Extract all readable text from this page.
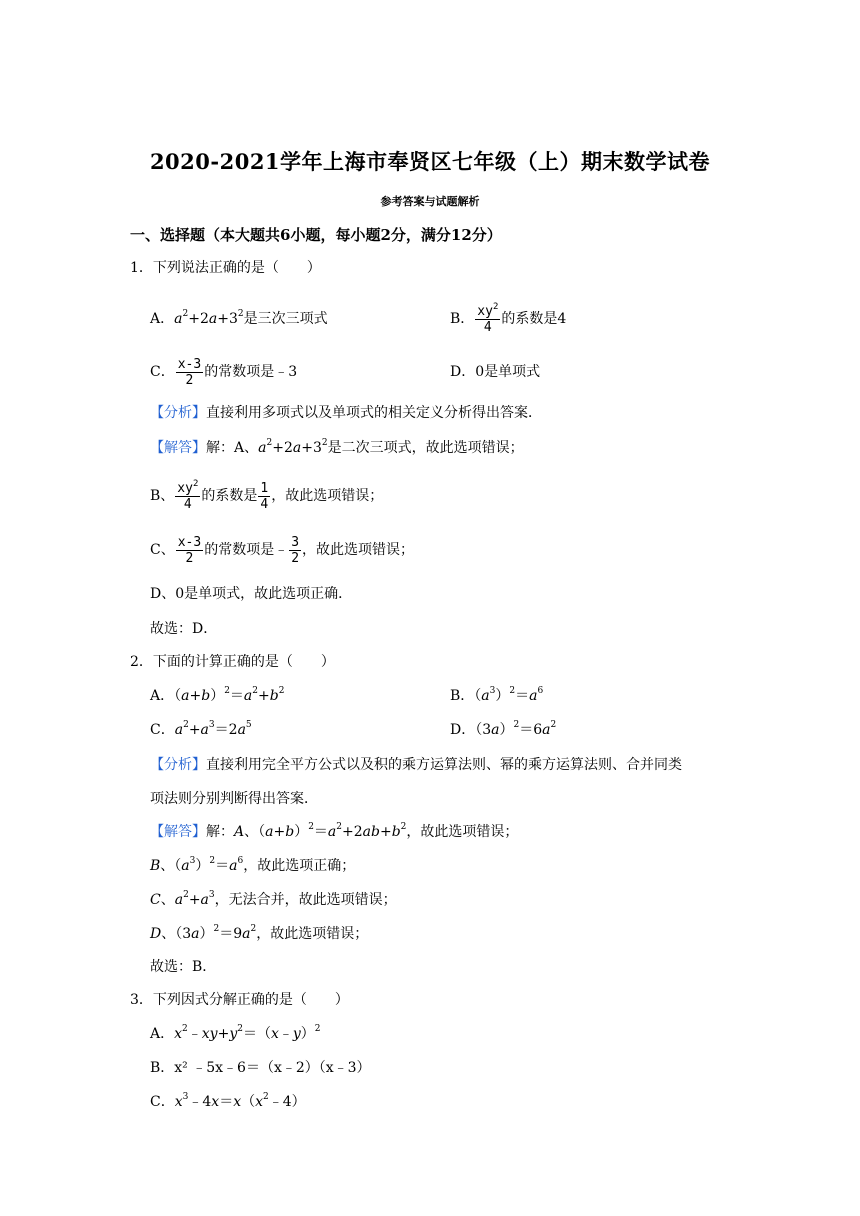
2020-2021学年上海市奉贤区七年级（上）期末数学试卷
参考答案与试题解析
一、选择题（本大题共6小题，每小题2分，满分12分）
1．下列说法正确的是（　　）
A．$a^2+2a+3^2$是三次三项式	B． $\frac{xy^2}{4}$ 的系数是4
C． $\frac{x-3}{2}$ 的常数项是﹣3	D．0是单项式
【分析】直接利用多项式以及单项式的相关定义分析得出答案．
【解答】解：A、$a^2+2a+3^2$是二次三项式，故此选项错误；
B、 $\frac{xy^2}{4}$ 的系数是 $\frac{1}{4}$ ，故此选项错误；
C、 $\frac{x-3}{2}$ 的常数项是﹣ $\frac{3}{2}$ ，故此选项错误；
D、0是单项式，故此选项正确．
故选：D．
2．下面的计算正确的是（　　）
A．$(a+b)^2=a^2+b^2$	B．$(a^3)^2=a^6$
C．$a^2+a^3=2a^5$	D．$(3a)^2=6a^2$
【分析】直接利用完全平方公式以及积的乘方运算法则、幂的乘方运算法则、合并同类
项法则分别判断得出答案．
【解答】解：A、$(a+b)^2=a^2+2ab+b^2$，故此选项错误；
B、$(a^3)^2=a^6$，故此选项正确；
C、$a^2+a^3$，无法合并，故此选项错误；
D、$(3a)^2=9a^2$，故此选项错误；
故选：B．
3．下列因式分解正确的是（　　）
A．$x^2﹣xy+y^2=(x﹣y)^2$
B．x² ﹣5x﹣6＝（x﹣2）（x﹣3）
C．$x^3﹣4x=x(x^2﹣4)$
